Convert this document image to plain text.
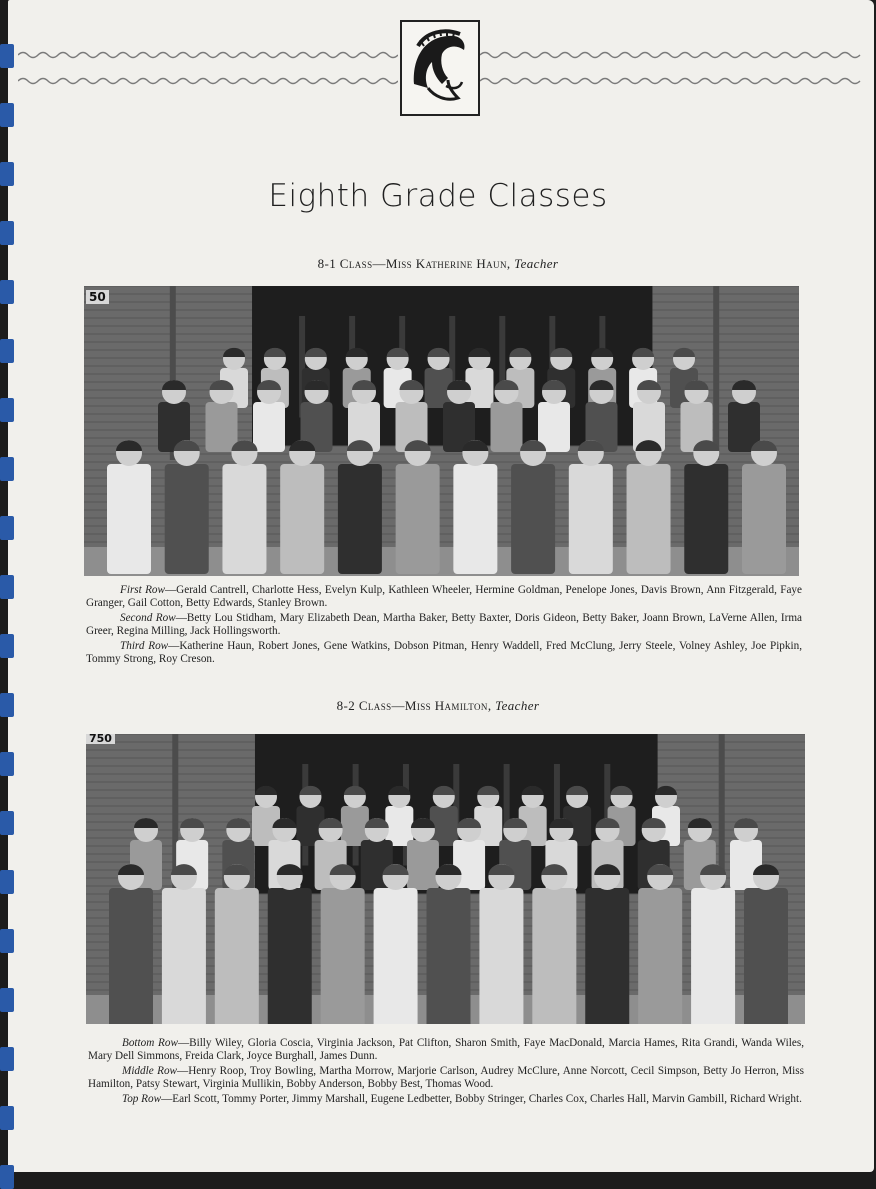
Eighth Grade Classes
8-1 Class—Miss Katherine Haun, Teacher
50

First Row—Gerald Cantrell, Charlotte Hess, Evelyn Kulp, Kathleen Wheeler, Hermine Goldman, Penelope Jones, Davis Brown, Ann Fitzgerald, Faye Granger, Gail Cotton, Betty Edwards, Stanley Brown.

Second Row—Betty Lou Stidham, Mary Elizabeth Dean, Martha Baker, Betty Baxter, Doris Gideon, Betty Baker, Joann Brown, LaVerne Allen, Irma Greer, Regina Milling, Jack Hollingsworth.

Third Row—Katherine Haun, Robert Jones, Gene Watkins, Dobson Pitman, Henry Waddell, Fred McClung, Jerry Steele, Volney Ashley, Joe Pipkin, Tommy Strong, Roy Creson.

8-2 Class—Miss Hamilton, Teacher
750

Bottom Row—Billy Wiley, Gloria Coscia, Virginia Jackson, Pat Clifton, Sharon Smith, Faye MacDonald, Marcia Hames, Rita Grandi, Wanda Wiles, Mary Dell Simmons, Freida Clark, Joyce Burghall, James Dunn.

Middle Row—Henry Roop, Troy Bowling, Martha Morrow, Marjorie Carlson, Audrey McClure, Anne Norcott, Cecil Simpson, Betty Jo Herron, Miss Hamilton, Patsy Stewart, Virginia Mullikin, Bobby Anderson, Bobby Best, Thomas Wood.

Top Row—Earl Scott, Tommy Porter, Jimmy Marshall, Eugene Ledbetter, Bobby Stringer, Charles Cox, Charles Hall, Marvin Gambill, Richard Wright.
